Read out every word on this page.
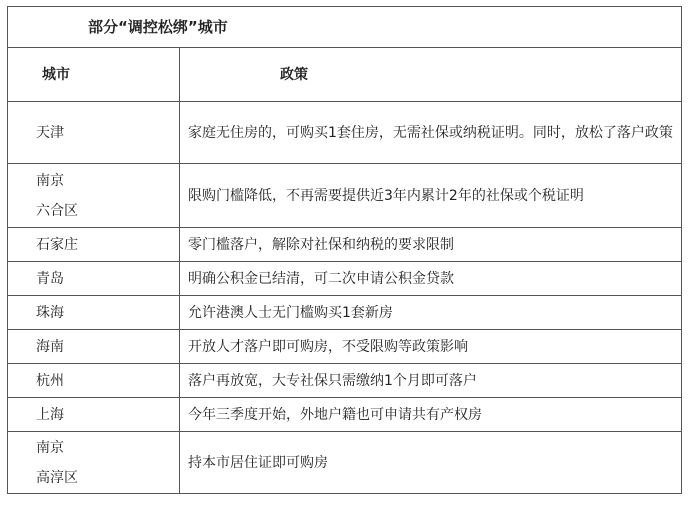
部分“调控松绑”城市	
城市	政策

天津	家庭无住房的，可购买1套住房，无需社保或纳税证明。同时，放松了落户政策

南京
六合区	限购门槛降低，不再需要提供近3年内累计2年的社保或个税证明

石家庄	零门槛落户，解除对社保和纳税的要求限制

青岛	明确公积金已结清，可二次申请公积金贷款

珠海	允许港澳人士无门槛购买1套新房

海南	开放人才落户即可购房，不受限购等政策影响

杭州	落户再放宽，大专社保只需缴纳1个月即可落户

上海	今年三季度开始，外地户籍也可申请共有产权房

南京
高淳区	持本市居住证即可购房
